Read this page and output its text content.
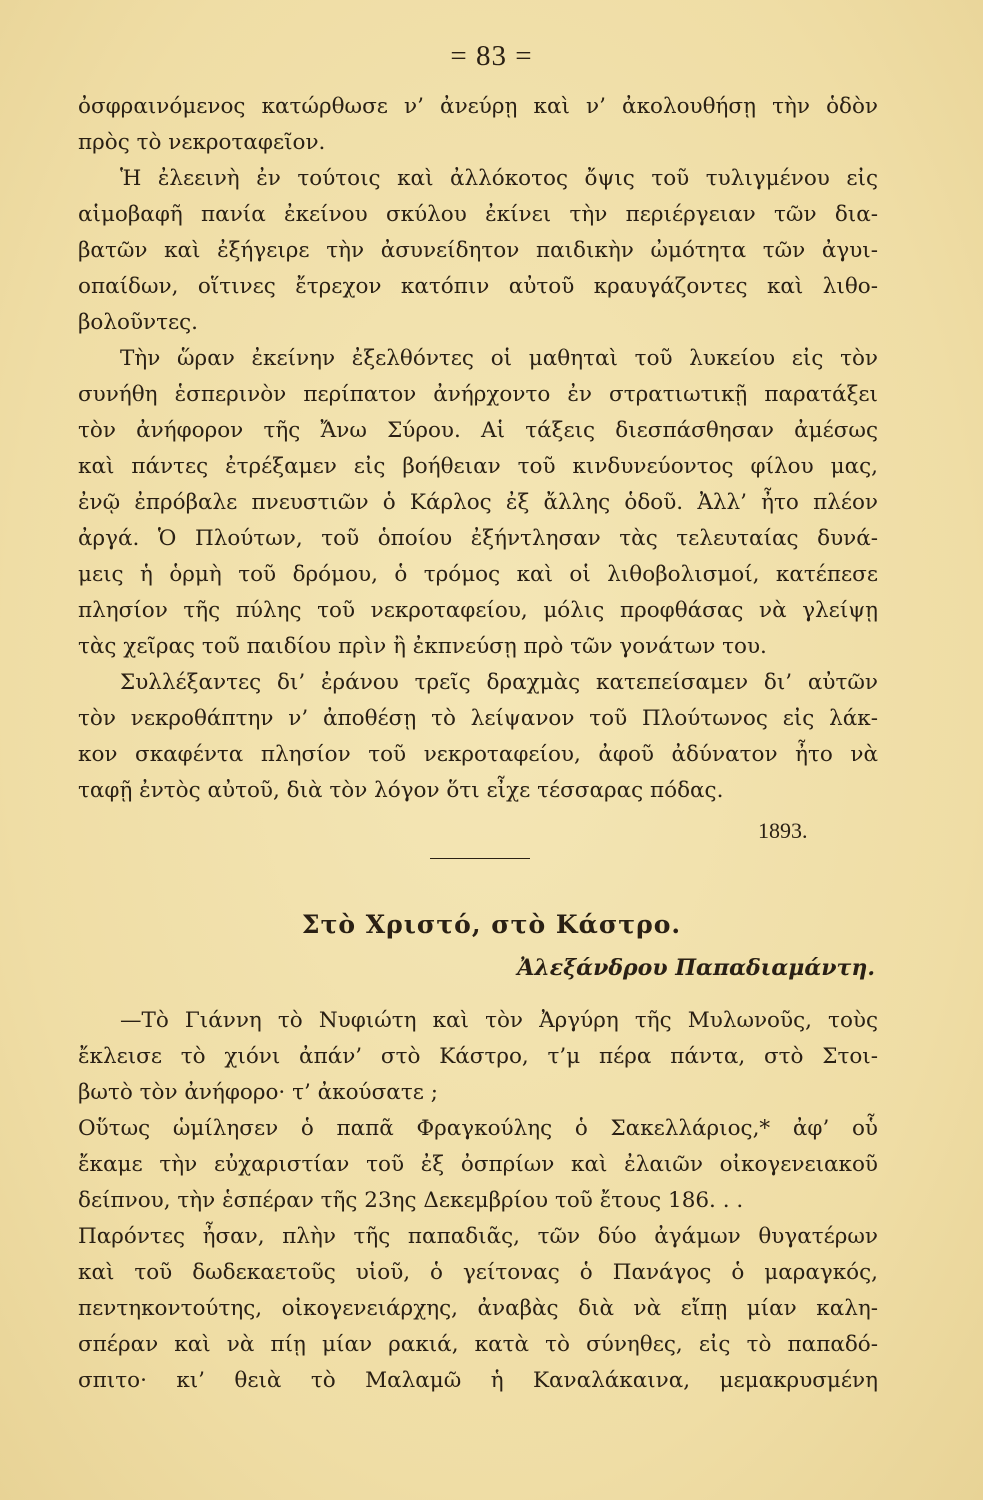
= 83 =
ὀσφραινόμενος κατώρθωσε ν’ ἀνεύρῃ καὶ ν’ ἀκολουθήσῃ τὴν ὁδὸν
πρὸς τὸ νεκροταφεῖον.
Ἡ ἐλεεινὴ ἐν τούτοις καὶ ἀλλόκοτος ὄψις τοῦ τυλιγμένου εἰς
αἱμοβαφῆ πανία ἐκείνου σκύλου ἐκίνει τὴν περιέργειαν τῶν δια-
βατῶν καὶ ἐξήγειρε τὴν ἀσυνείδητον παιδικὴν ὠμότητα τῶν ἀγυι-
οπαίδων, οἵτινες ἔτρεχον κατόπιν αὐτοῦ κραυγάζοντες καὶ λιθο-
βολοῦντες.
Τὴν ὥραν ἐκείνην ἐξελθόντες οἱ μαθηταὶ τοῦ λυκείου εἰς τὸν
συνήθη ἑσπερινὸν περίπατον ἀνήρχοντο ἐν στρατιωτικῇ παρατάξει
τὸν ἀνήφορον τῆς Ἄνω Σύρου. Αἱ τάξεις διεσπάσθησαν ἀμέσως
καὶ πάντες ἐτρέξαμεν εἰς βοήθειαν τοῦ κινδυνεύοντος φίλου μας,
ἐνῷ ἐπρόβαλε πνευστιῶν ὁ Κάρλος ἐξ ἄλλης ὁδοῦ. Ἀλλ’ ἦτο πλέον
ἀργά. Ὁ Πλούτων, τοῦ ὁποίου ἐξήντλησαν τὰς τελευταίας δυνά-
μεις ἡ ὁρμὴ τοῦ δρόμου, ὁ τρόμος καὶ οἱ λιθοβολισμοί, κατέπεσε
πλησίον τῆς πύλης τοῦ νεκροταφείου, μόλις προφθάσας νὰ γλείψῃ
τὰς χεῖρας τοῦ παιδίου πρὶν ἢ ἐκπνεύσῃ πρὸ τῶν γονάτων του.
Συλλέξαντες δι’ ἐράνου τρεῖς δραχμὰς κατεπείσαμεν δι’ αὐτῶν
τὸν νεκροθάπτην ν’ ἀποθέσῃ τὸ λείψανον τοῦ Πλούτωνος εἰς λάκ-
κον σκαφέντα πλησίον τοῦ νεκροταφείου, ἀφοῦ ἀδύνατον ἦτο νὰ
ταφῇ ἐντὸς αὐτοῦ, διὰ τὸν λόγον ὅτι εἶχε τέσσαρας πόδας.
1893.
Στὸ Χριστό, στὸ Κάστρο.
Ἀλεξάνδρου Παπαδιαμάντη.
—Τὸ Γιάννη τὸ Νυφιώτη καὶ τὸν Ἀργύρη τῆς Μυλωνοῦς, τοὺς
ἔκλεισε τὸ χιόνι ἀπάν’ στὸ Κάστρο, τ’μ πέρα πάντα, στὸ Στοι-
βωτὸ τὸν ἀνήφορο· τ’ ἀκούσατε ;
Οὕτως ὡμίλησεν ὁ παπᾶ Φραγκούλης ὁ Σακελλάριος,* ἀφ’ οὗ
ἔκαμε τὴν εὐχαριστίαν τοῦ ἐξ ὀσπρίων καὶ ἐλαιῶν οἰκογενειακοῦ
δείπνου, τὴν ἑσπέραν τῆς 23ης Δεκεμβρίου τοῦ ἔτους 186. . .
Παρόντες ἦσαν, πλὴν τῆς παπαδιᾶς, τῶν δύο ἀγάμων θυγατέρων
καὶ τοῦ δωδεκαετοῦς υἱοῦ, ὁ γείτονας ὁ Πανάγος ὁ μαραγκός,
πεντηκοντούτης, οἰκογενειάρχης, ἀναβὰς διὰ νὰ εἴπῃ μίαν καλη-
σπέραν καὶ νὰ πίῃ μίαν ρακιά, κατὰ τὸ σύνηθες, εἰς τὸ παπαδό-
σπιτο· κι’ θειὰ τὸ Μαλαμῶ ἡ Καναλάκαινα, μεμακρυσμένη
